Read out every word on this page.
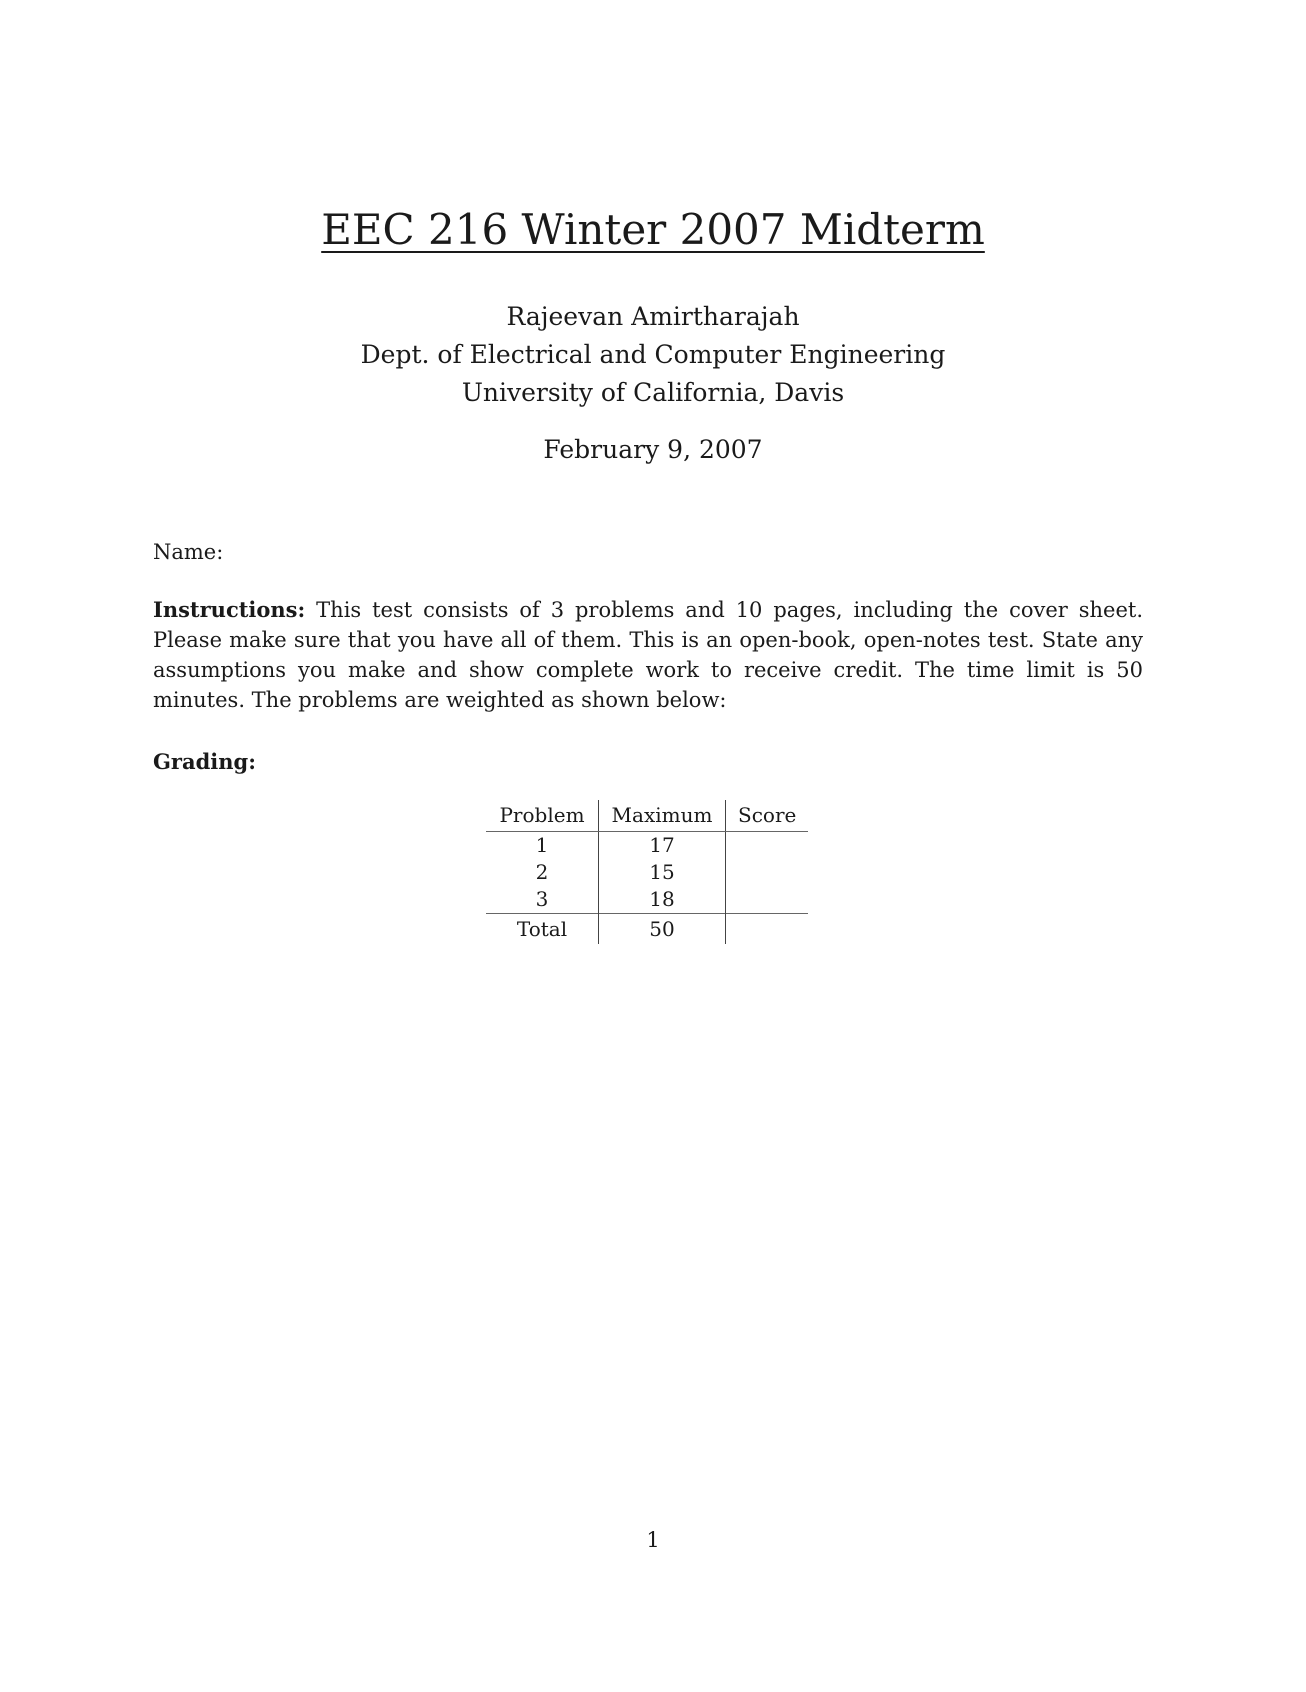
EEC 216 Winter 2007 Midterm
Rajeevan Amirtharajah
Dept. of Electrical and Computer Engineering
University of California, Davis
February 9, 2007
Name:
Instructions: This test consists of 3 problems and 10 pages, including the cover sheet. Please make sure that you have all of them. This is an open-book, open-notes test. State any assumptions you make and show complete work to receive credit. The time limit is 50 minutes. The problems are weighted as shown below:
Grading:
Problem	Maximum	Score
1	17	
2	15	
3	18	
Total	50	
1
